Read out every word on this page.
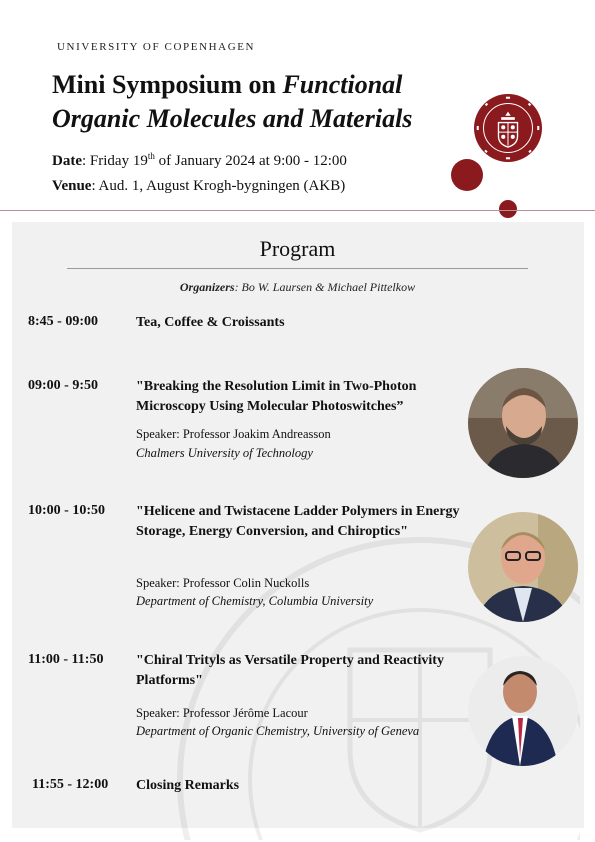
UNIVERSITY OF COPENHAGEN
Mini Symposium on Functional
Organic Molecules and Materials
Date: Friday 19th of January 2024 at 9:00 - 12:00
Venue: Aud. 1, August Krogh-bygningen (AKB)
Program
Organizers: Bo W. Laursen & Michael Pittelkow
8:45 - 09:00	Tea, Coffee & Croissants
09:00 - 9:50	"Breaking the Resolution Limit in Two-Photon Microscopy Using Molecular Photoswitches”
Speaker: Professor Joakim Andreasson
Chalmers University of Technology
10:00 - 10:50 "Helicene and Twistacene Ladder Polymers in Energy Storage, Energy Conversion, and Chiroptics"
Speaker: Professor Colin Nuckolls
Department of Chemistry, Columbia University
11:00 - 11:50 "Chiral Trityls as Versatile Property and Reactivity Platforms"
Speaker: Professor Jérôme Lacour
Department of Organic Chemistry, University of Geneva
11:55 - 12:00 Closing Remarks
